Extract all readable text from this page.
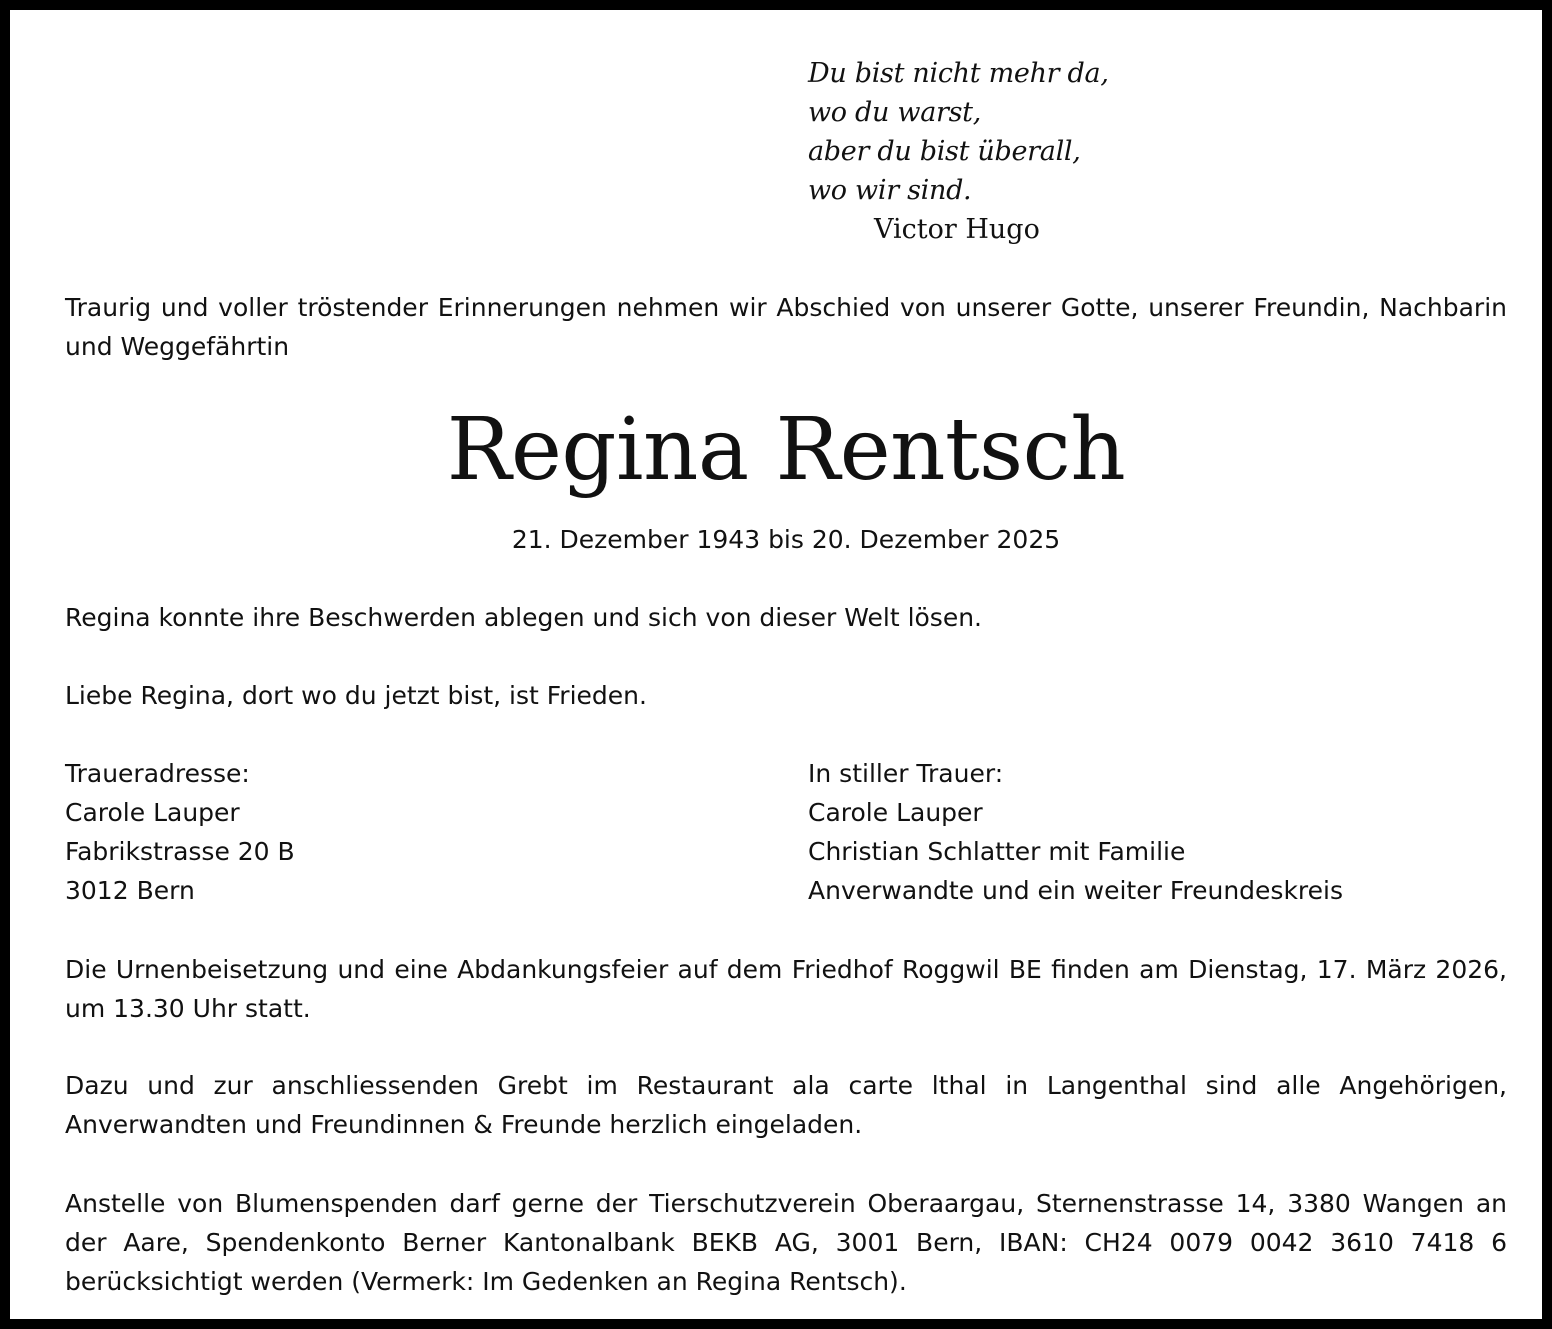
Du bist nicht mehr da,
wo du warst,
aber du bist überall,
wo wir sind.
Victor Hugo
Traurig und voller tröstender Erinnerungen nehmen wir Abschied von unserer Gotte, unserer Freundin, Nachbarin und Weggefährtin
Regina Rentsch
21. Dezember 1943 bis 20. Dezember 2025
Regina konnte ihre Beschwerden ablegen und sich von dieser Welt lösen.
Liebe Regina, dort wo du jetzt bist, ist Frieden.
Traueradresse:
Carole Lauper
Fabrikstrasse 20 B
3012 Bern
In stiller Trauer:
Carole Lauper
Christian Schlatter mit Familie
Anverwandte und ein weiter Freundeskreis
Die Urnenbeisetzung und eine Abdankungsfeier auf dem Friedhof Roggwil BE finden am Dienstag, 17. März 2026, um 13.30 Uhr statt.
Dazu und zur anschliessenden Grebt im Restaurant ala carte lthal in Langenthal sind alle Angehörigen, Anverwandten und Freundinnen & Freunde herzlich eingeladen.
Anstelle von Blumenspenden darf gerne der Tierschutzverein Oberaargau, Sternenstrasse 14, 3380 Wangen an der Aare, Spendenkonto Berner Kantonalbank BEKB AG, 3001 Bern, IBAN: CH24 0079 0042 3610 7418 6 berücksichtigt werden (Vermerk: Im Gedenken an Regina Rentsch).
